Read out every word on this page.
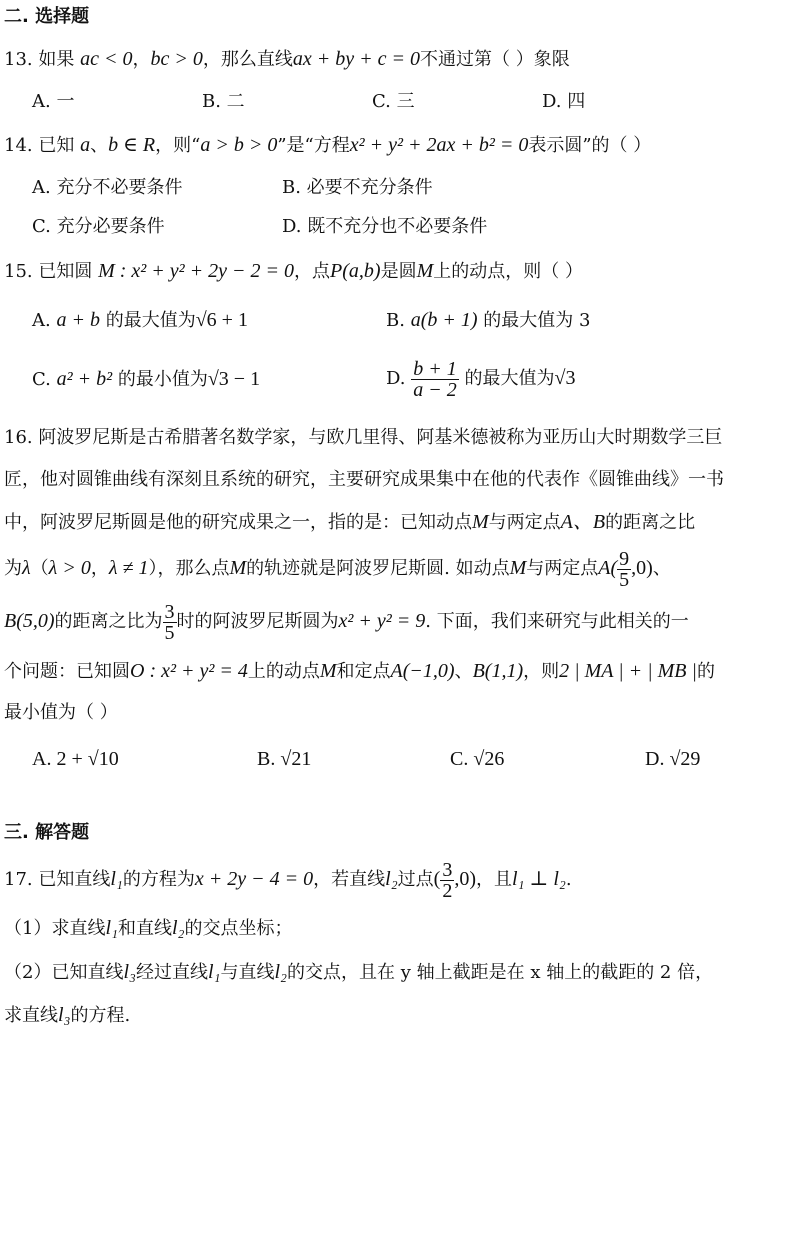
二. 选择题
13. 如果 ac < 0，bc > 0，那么直线ax + by + c = 0不通过第（ ）象限
A. 一	B. 二	C. 三	D. 四
14. 已知 a、b ∈ R，则“a > b > 0”是“方程x² + y² + 2ax + b² = 0表示圆”的（ ）
A. 充分不必要条件	B. 必要不充分条件
C. 充分必要条件	D. 既不充分也不必要条件
15. 已知圆 M : x² + y² + 2y − 2 = 0，点P(a,b)是圆M上的动点，则（ ）
A. a + b 的最大值为√6 + 1	B. a(b + 1) 的最大值为 3
C. a² + b² 的最小值为√3 − 1	D. $\frac{b + 1}{a - 2}$ 的最大值为√3
16. 阿波罗尼斯是古希腊著名数学家，与欧几里得、阿基米德被称为亚历山大时期数学三巨
匠，他对圆锥曲线有深刻且系统的研究，主要研究成果集中在他的代表作《圆锥曲线》一书
中，阿波罗尼斯圆是他的研究成果之一，指的是：已知动点M与两定点A、B的距离之比
为λ（λ > 0，λ ≠ 1），那么点M的轨迹就是阿波罗尼斯圆. 如动点M与两定点$A( \frac{9}{5} ,0)$、
B(5,0)的距离之比为 $\frac{3}{5}$ 时的阿波罗尼斯圆为x² + y² = 9. 下面，我们来研究与此相关的一
个问题：已知圆O : x² + y² = 4上的动点M和定点A(−1,0)、B(1,1)，则2 | MA | + | MB |的
最小值为（ ）
A. 2 + √10	B. √21	C. √26	D. √29
三. 解答题
17. 已知直线l₁的方程为x + 2y − 4 = 0，若直线l₂过点( $\frac{3}{2} ,0$)，且l₁ ⊥ l₂.
（1）求直线l₁和直线l₂的交点坐标；
（2）已知直线l₃经过直线l₁与直线l₂的交点，且在 y 轴上截距是在 x 轴上的截距的 2 倍，
求直线l₃的方程.
